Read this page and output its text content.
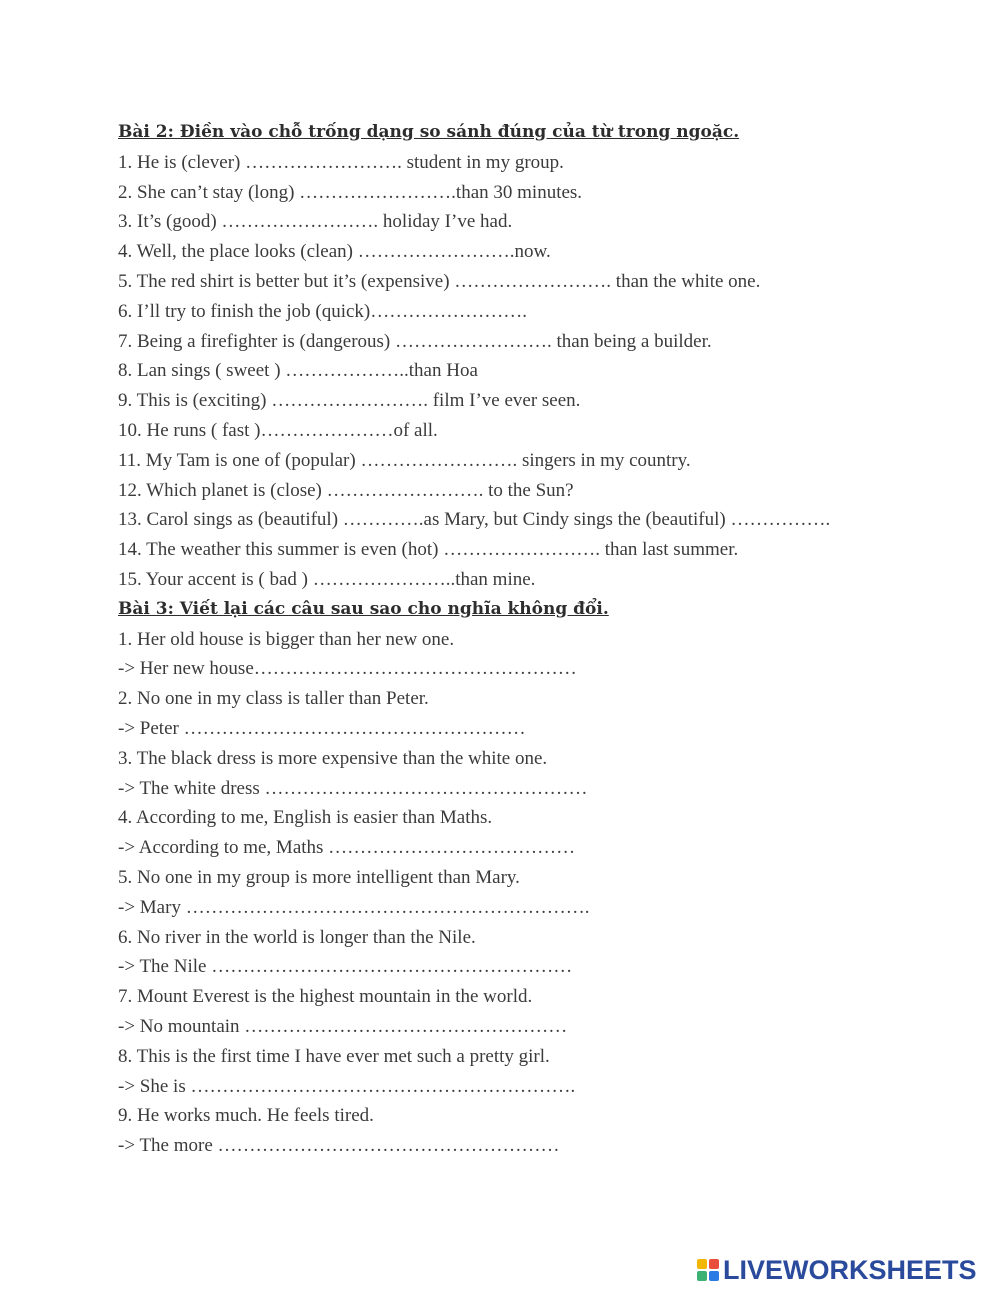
Bài 2: Điền vào chỗ trống dạng so sánh đúng của từ trong ngoặc.
1. He is (clever) ……………………. student in my group.
2. She can’t stay (long) …………………….than 30 minutes.
3. It’s (good) ……………………. holiday I’ve had.
4. Well, the place looks (clean) …………………….now.
5. The red shirt is better but it’s (expensive) ……………………. than the white one.
6. I’ll try to finish the job (quick)…………………….
7. Being a firefighter is (dangerous) ……………………. than being a builder.
8. Lan sings ( sweet ) ………………..than Hoa
9. This is (exciting) ……………………. film I’ve ever seen.
10. He runs ( fast )…………………of all.
11. My Tam is one of (popular) ……………………. singers in my country.
12. Which planet is (close) ……………………. to the Sun?
13. Carol sings as (beautiful) ………….as Mary, but Cindy sings the (beautiful) …………….
14. The weather this summer is even (hot) ……………………. than last summer.
15. Your accent is ( bad ) …………………..than mine.
Bài 3: Viết lại các câu sau sao cho nghĩa không đổi.
1. Her old house is bigger than her new one.
-> Her new house……………………………………………
2. No one in my class is taller than Peter.
-> Peter ………………………………………………
3. The black dress is more expensive than the white one.
-> The white dress ……………………………………………
4. According to me, English is easier than Maths.
-> According to me, Maths …………………………………
5. No one in my group is more intelligent than Mary.
-> Mary ……………………………………………………….
6. No river in the world is longer than the Nile.
-> The Nile …………………………………………………
7. Mount Everest is the highest mountain in the world.
-> No mountain ……………………………………………
8. This is the first time I have ever met such a pretty girl.
-> She is …………………………………………………….
9. He works much. He feels tired.
-> The more ………………………………………………
LIVEWORKSHEETS
